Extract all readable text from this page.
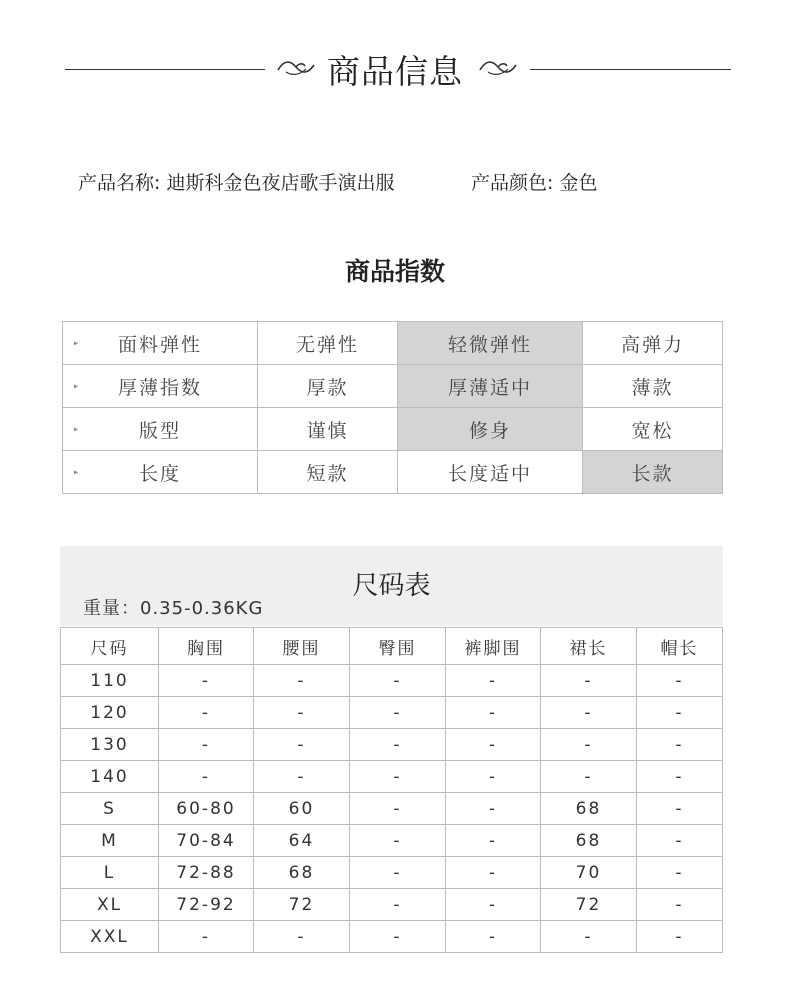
商品信息
产品名称: 迪斯科金色夜店歌手演出服	产品颜色: 金色
商品指数
▸ 面料弹性	无弹性	轻微弹性	高弹力

▸ 厚薄指数	厚款	厚薄适中	薄款

▸ 版型	谨慎	修身	宽松

▸ 长度	短款	长度适中	长款
尺码表
重量：0.35-0.36KG
尺码	胸围	腰围	臀围	裤脚围	裙长	帽长
110	-	-	-	-	-	-
120	-	-	-	-	-	-
130	-	-	-	-	-	-
140	-	-	-	-	-	-
S	60-80	60	-	-	68	-
M	70-84	64	-	-	68	-
L	72-88	68	-	-	70	-
XL	72-92	72	-	-	72	-
XXL	-	-	-	-	-	-
